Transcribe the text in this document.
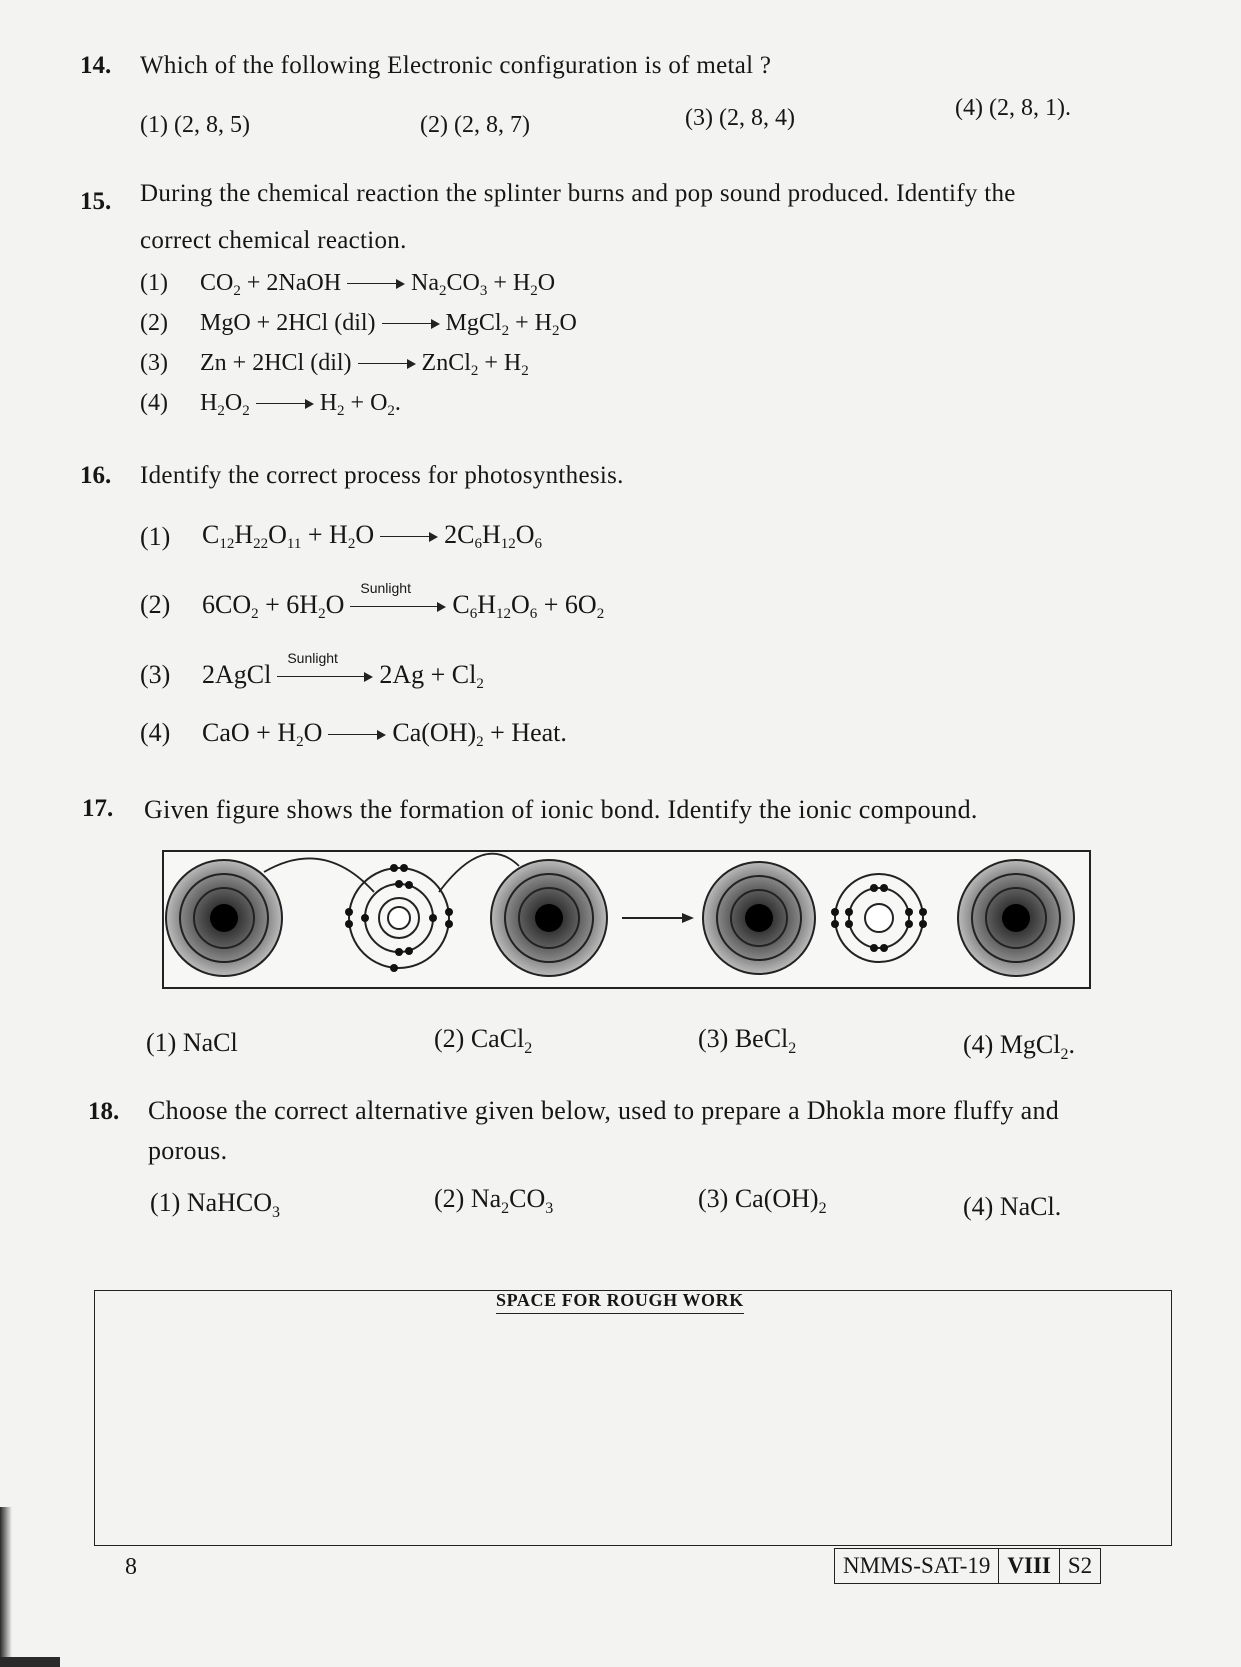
14. Which of the following Electronic configuration is of metal ?
(1) (2, 8, 5)	(2) (2, 8, 7)	(3) (2, 8, 4)	(4) (2, 8, 1).
15. During the chemical reaction the splinter burns and pop sound produced. Identify the
correct chemical reaction.
(1) $CO_2$ + 2NaOH	$Na_2CO_3 + H_2O$
(2) MgO + 2HCl (dil)	MgCl$_2$ + $H_2O$
(3) Zn + 2HCl (dil)	ZnCl$_2$ + $H_2$
(4) $H_2O_2$	$H_2 + O_2$.
16. Identify the correct process for photosynthesis.
(1) $C_{12}H_{22}O_{11} + H_2O$	$2C_6H_{12}O_6$
(2) $6CO_2 + 6H_2O$
Sunlight
$C_6H_{12}O_6 + 6O_2$
(3) 2AgCl
Sunlight
$2Ag + Cl_2$
(4) CaO + $H_2O$	$Ca(OH)_2$ + Heat.
17. Given figure shows the formation of ionic bond. Identify the ionic compound.
(1) NaCl	(2) CaCl$_2$	(3) BeCl$_2$	(4) MgCl$_2$.
18. Choose the correct alternative given below, used to prepare a Dhokla more fluffy and
porous.
(1) NaHCO$_3$	(2) $Na_2CO_3$	(3) $Ca(OH)_2$	(4) NaCl.
SPACE FOR ROUGH WORK
8	NMMS-SAT-19 VIII S2
